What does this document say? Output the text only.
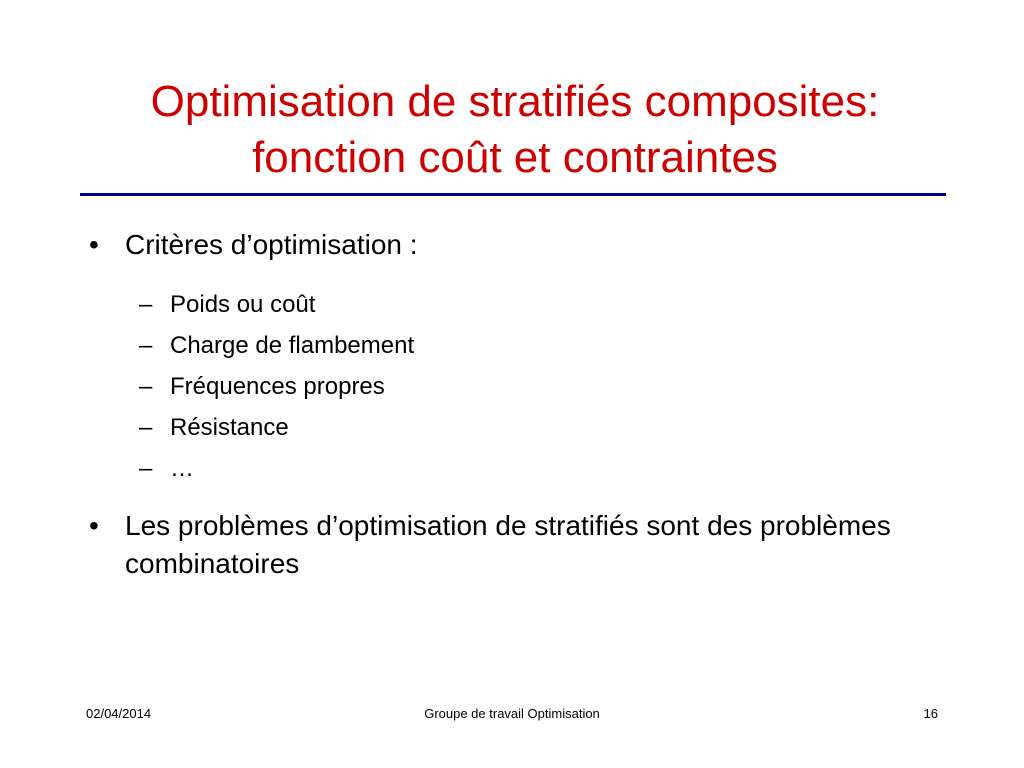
Optimisation de stratifiés composites:
fonction coût et contraintes
• Critères d’optimisation :
– Poids ou coût
– Charge de flambement
– Fréquences propres
– Résistance
– …
• Les problèmes d’optimisation de stratifiés sont des problèmes combinatoires
02/04/2014	Groupe de travail Optimisation	16
